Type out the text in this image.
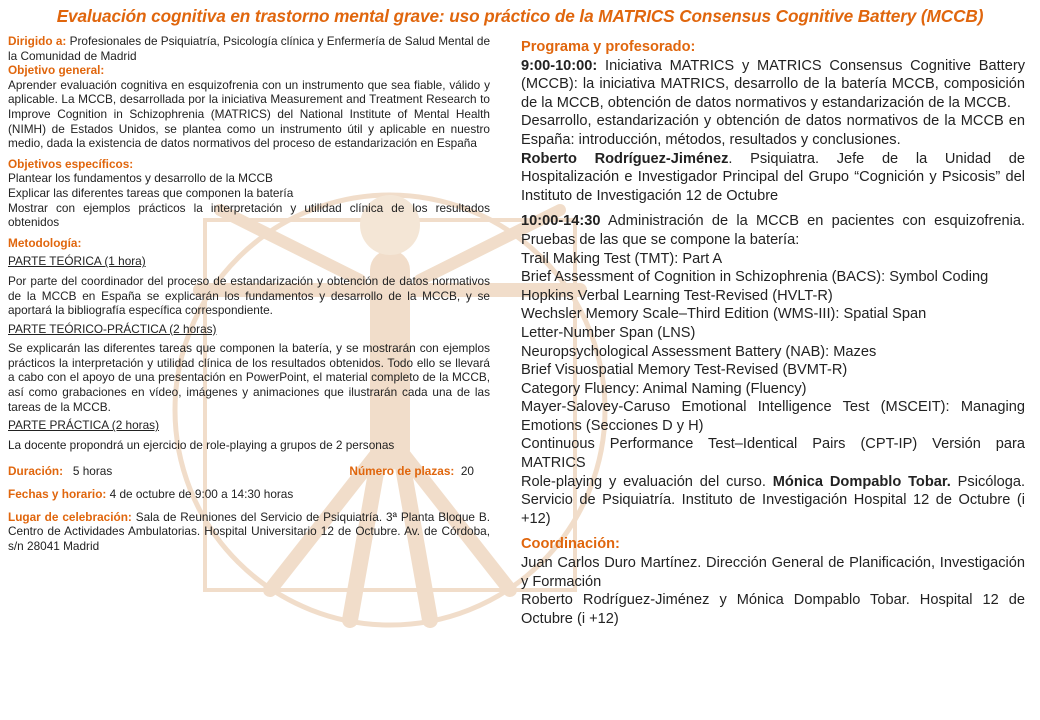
Evaluación cognitiva en trastorno mental grave: uso práctico de la MATRICS Consensus Cognitive Battery (MCCB)

Dirigido a: Profesionales de Psiquiatría, Psicología clínica y Enfermería de Salud Mental de la Comunidad de Madrid

Objetivo general:

Aprender evaluación cognitiva en esquizofrenia con un instrumento que sea fiable, válido y aplicable. La MCCB, desarrollada por la iniciativa Measurement and Treatment Research to Improve Cognition in Schizophrenia (MATRICS) del National Institute of Mental Health (NIMH) de Estados Unidos, se plantea como un instrumento útil y aplicable en nuestro medio, dada la existencia de datos normativos del proceso de estandarización en España

Objetivos específicos:

Plantear los fundamentos y desarrollo de la MCCB

Explicar las diferentes tareas que componen la batería

Mostrar con ejemplos prácticos la interpretación y utilidad clínica de los resultados obtenidos

Metodología:

PARTE TEÓRICA (1 hora)

Por parte del coordinador del proceso de estandarización y obtención de datos normativos de la MCCB en España se explicarán los fundamentos y desarrollo de la MCCB, y se aportará la bibliografía específica correspondiente.

PARTE TEÓRICO-PRÁCTICA (2 horas)

Se explicarán las diferentes tareas que componen la batería, y se mostrarán con ejemplos prácticos la interpretación y utilidad clínica de los resultados obtenidos. Todo ello se llevará a cabo con el apoyo de una presentación en PowerPoint, el material completo de la MCCB, así como grabaciones en vídeo, imágenes y animaciones que ilustrarán cada una de las tareas de la MCCB.

PARTE PRÁCTICA (2 horas)

La docente propondrá un ejercicio de role-playing a grupos de 2 personas

Duración: 5 horas	Número de plazas: 20

Fechas y horario: 4 de octubre de 9:00 a 14:30 horas

Lugar de celebración: Sala de Reuniones del Servicio de Psiquiatría. 3ª Planta Bloque B. Centro de Actividades Ambulatorias. Hospital Universitario 12 de Octubre. Av. de Córdoba, s/n 28041 Madrid

Programa y profesorado:

9:00-10:00: Iniciativa MATRICS y MATRICS Consensus Cognitive Battery (MCCB): la iniciativa MATRICS, desarrollo de la batería MCCB, composición de la MCCB, obtención de datos normativos y estandarización de la MCCB.

Desarrollo, estandarización y obtención de datos normativos de la MCCB en España: introducción, métodos, resultados y conclusiones.

Roberto Rodríguez-Jiménez. Psiquiatra. Jefe de la Unidad de Hospitalización e Investigador Principal del Grupo “Cognición y Psicosis” del Instituto de Investigación 12 de Octubre

10:00-14:30 Administración de la MCCB en pacientes con esquizofrenia. Pruebas de las que se compone la batería:

Trail Making Test (TMT): Part A

Brief Assessment of Cognition in Schizophrenia (BACS): Symbol Coding

Hopkins Verbal Learning Test-Revised (HVLT-R)

Wechsler Memory Scale–Third Edition (WMS-III): Spatial Span

Letter-Number Span (LNS)

Neuropsychological Assessment Battery (NAB): Mazes

Brief Visuospatial Memory Test-Revised (BVMT-R)

Category Fluency: Animal Naming (Fluency)

Mayer-Salovey-Caruso Emotional Intelligence Test (MSCEIT): Managing Emotions (Secciones D y H)

Continuous Performance Test–Identical Pairs (CPT-IP) Versión para MATRICS

Role-playing y evaluación del curso. Mónica Dompablo Tobar. Psicóloga. Servicio de Psiquiatría. Instituto de Investigación Hospital 12 de Octubre (i +12)

Coordinación:

Juan Carlos Duro Martínez. Dirección General de Planificación, Investigación y Formación

Roberto Rodríguez-Jiménez y Mónica Dompablo Tobar. Hospital 12 de Octubre (i +12)
